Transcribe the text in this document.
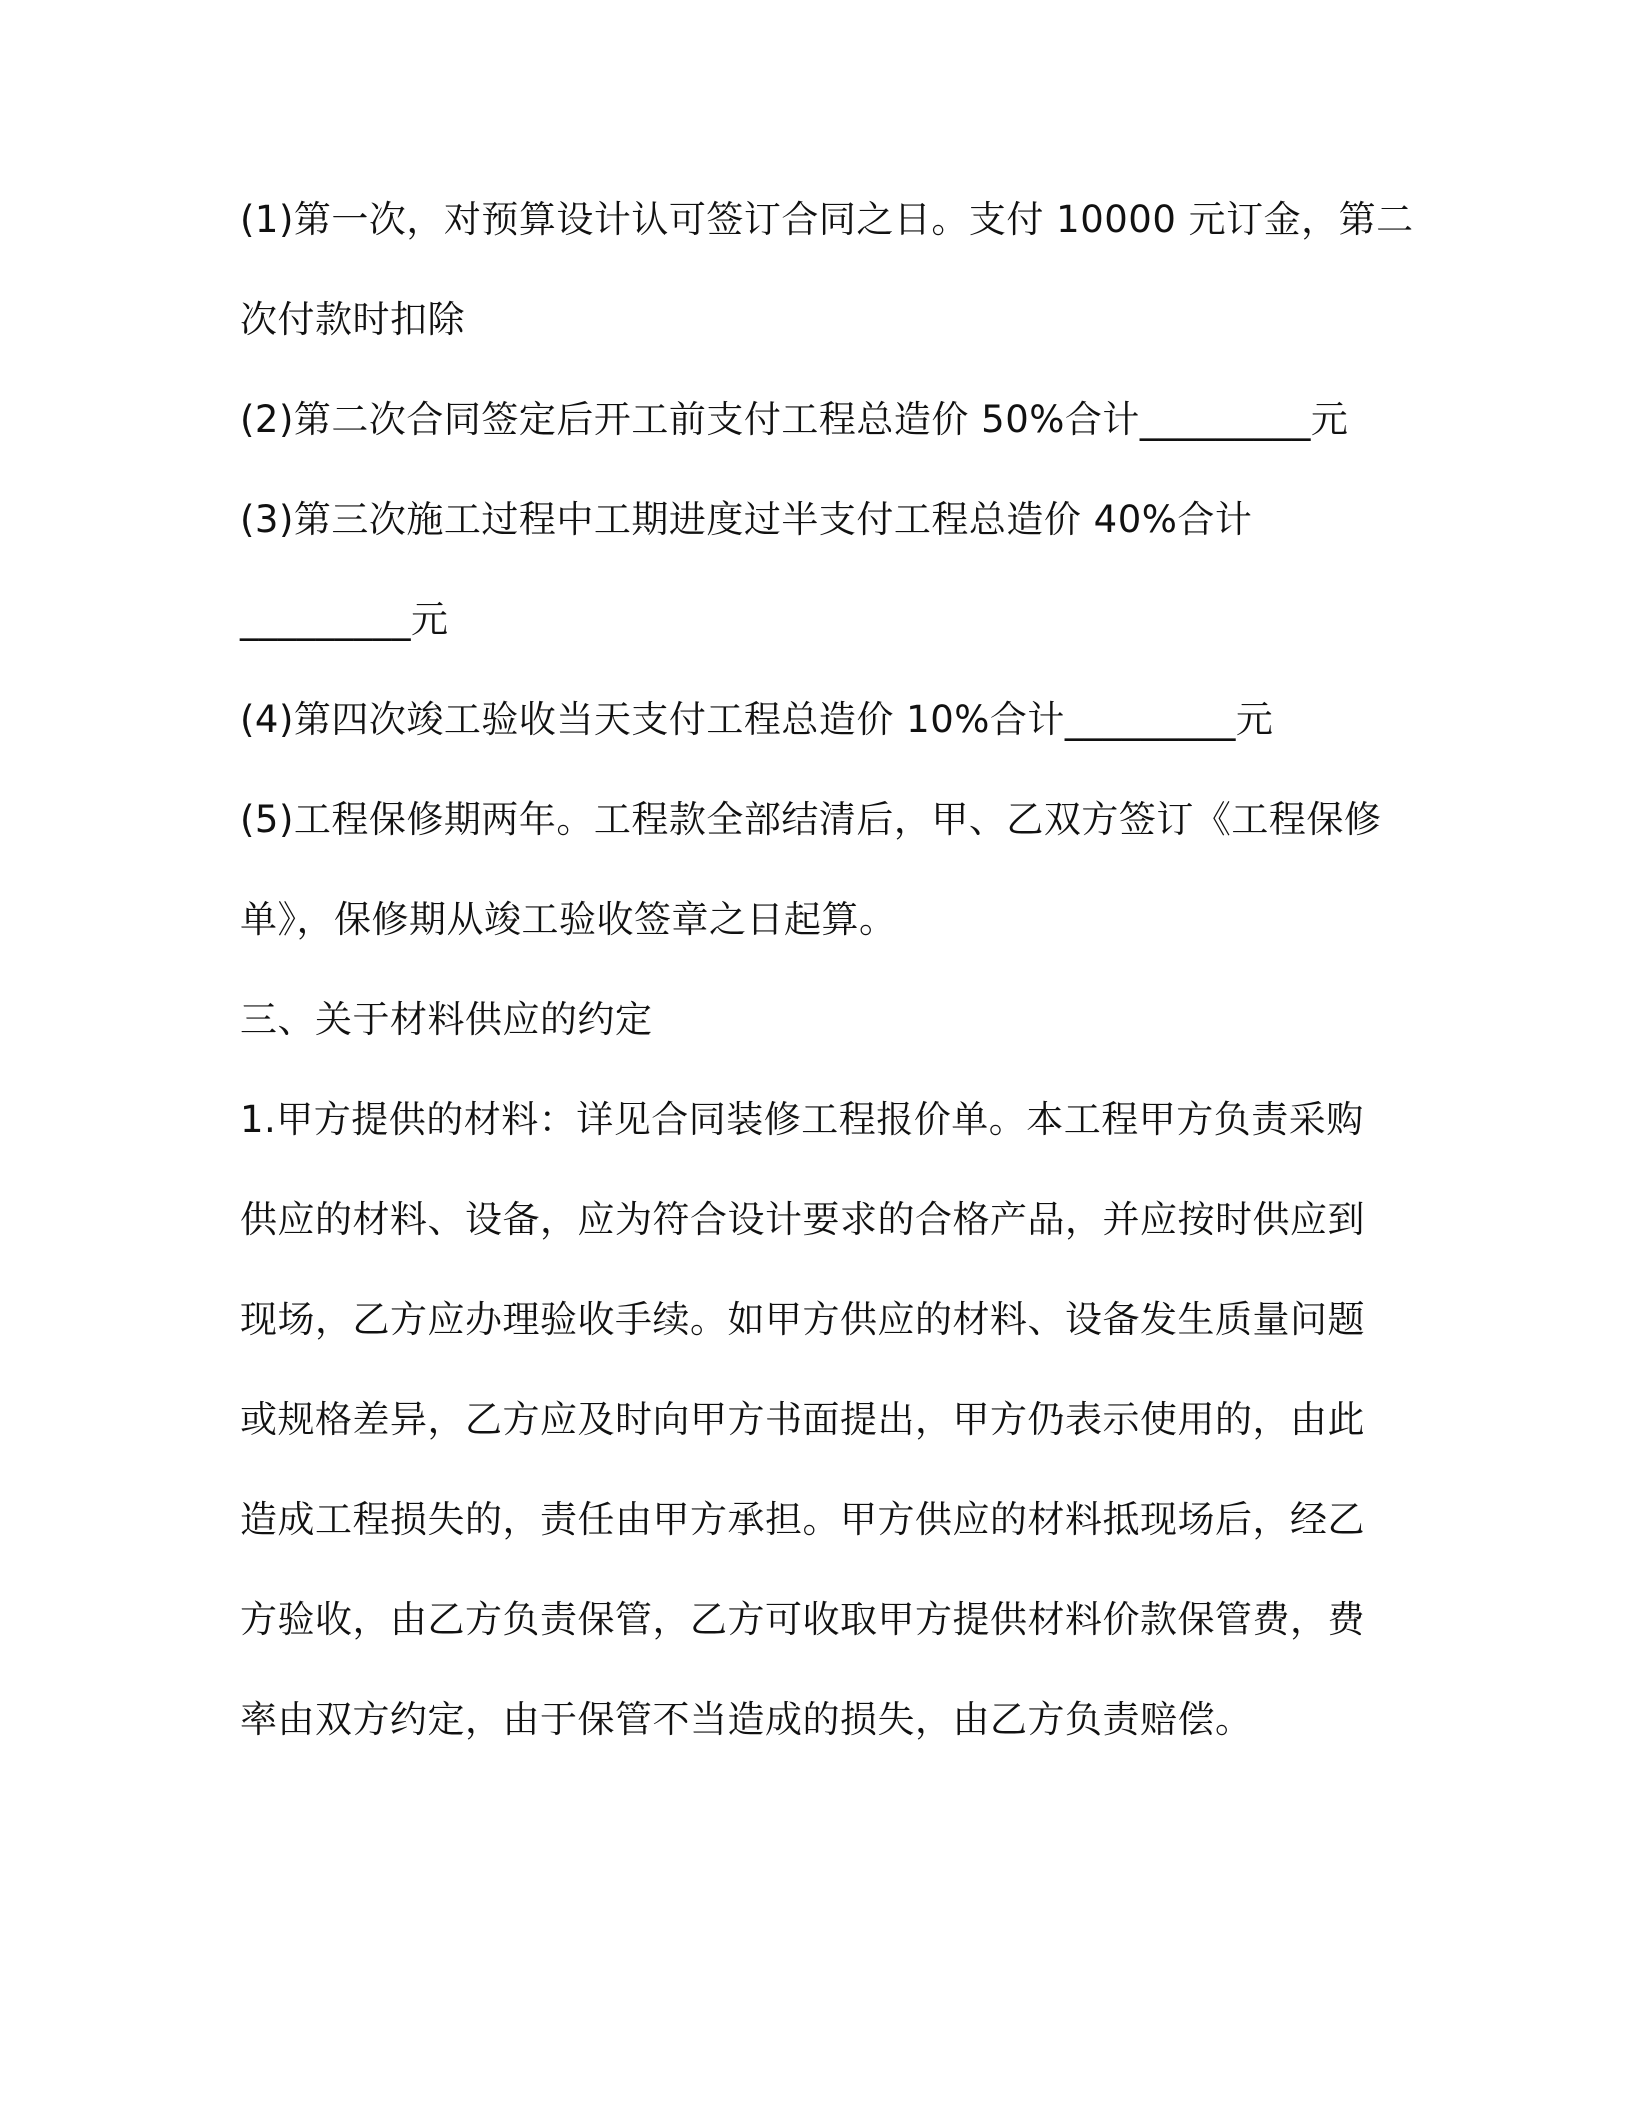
(1)第一次，对预算设计认可签订合同之日。支付 10000 元订金，第二

次付款时扣除

(2)第二次合同签定后开工前支付工程总造价 50%合计_________元

(3)第三次施工过程中工期进度过半支付工程总造价 40%合计

_________元

(4)第四次竣工验收当天支付工程总造价 10%合计_________元

(5)工程保修期两年。工程款全部结清后，甲、乙双方签订《工程保修

单》，保修期从竣工验收签章之日起算。

三、关于材料供应的约定

1.甲方提供的材料：详见合同装修工程报价单。本工程甲方负责采购

供应的材料、设备，应为符合设计要求的合格产品，并应按时供应到

现场，乙方应办理验收手续。如甲方供应的材料、设备发生质量问题

或规格差异，乙方应及时向甲方书面提出，甲方仍表示使用的，由此

造成工程损失的，责任由甲方承担。甲方供应的材料抵现场后，经乙

方验收，由乙方负责保管，乙方可收取甲方提供材料价款保管费，费

率由双方约定，由于保管不当造成的损失，由乙方负责赔偿。
